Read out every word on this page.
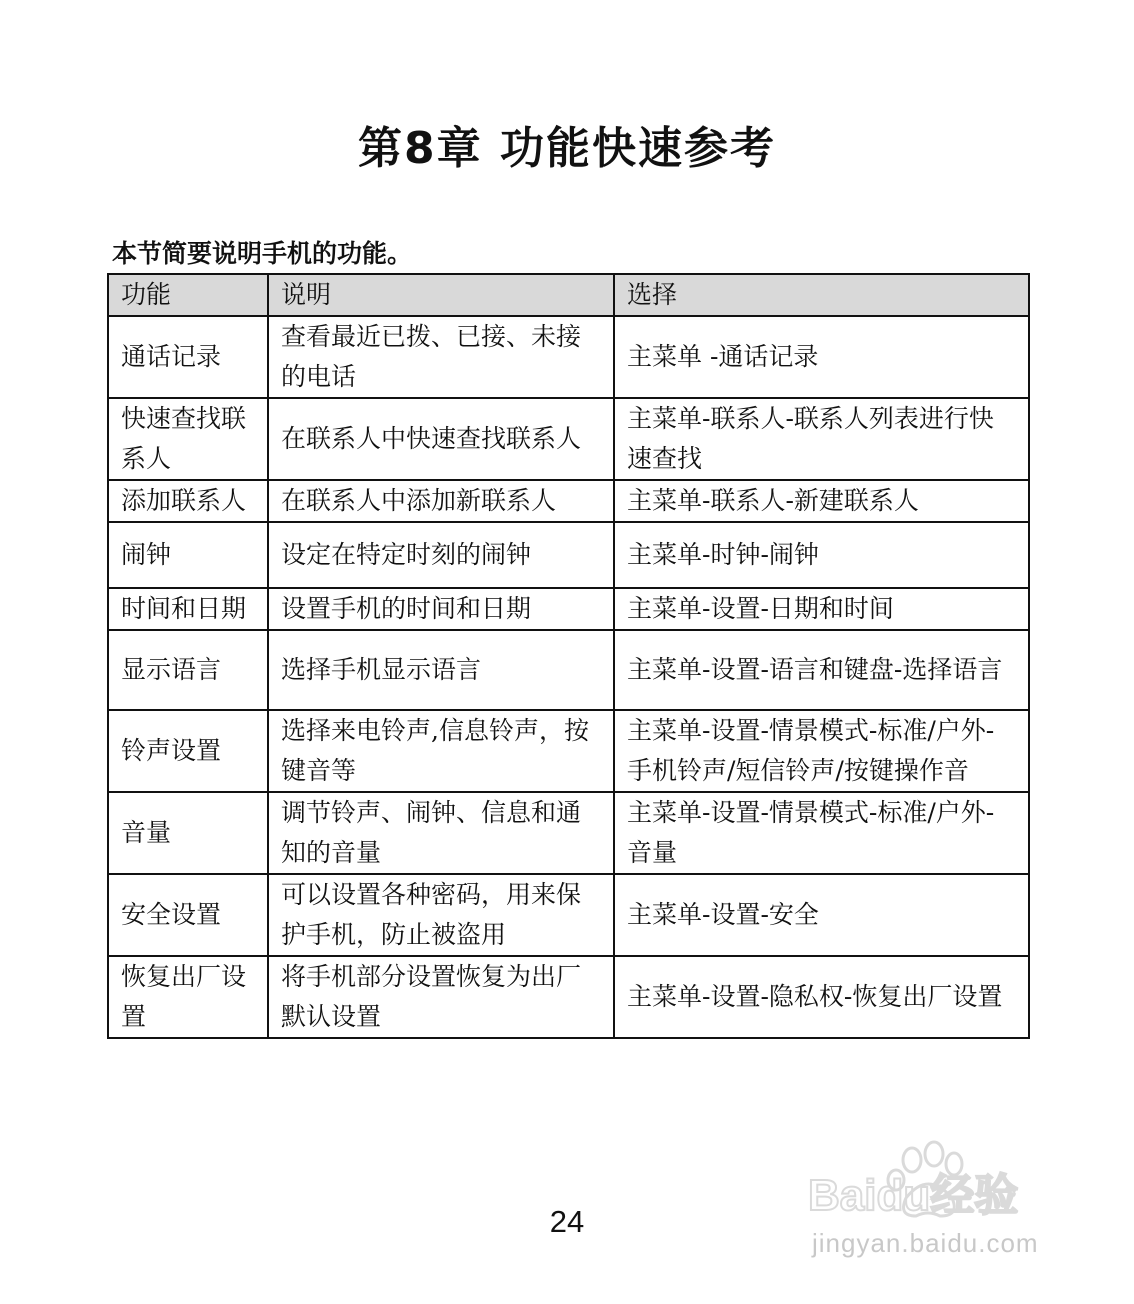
第8章 功能快速参考
本节简要说明手机的功能。
功能	说明	选择
通话记录	查看最近已拨、已接、未接的电话	主菜单 -通话记录
快速查找联系人	在联系人中快速查找联系人	主菜单-联系人-联系人列表进行快速查找
添加联系人	在联系人中添加新联系人	主菜单-联系人-新建联系人
闹钟	设定在特定时刻的闹钟	主菜单-时钟-闹钟
时间和日期	设置手机的时间和日期	主菜单-设置-日期和时间
显示语言	选择手机显示语言	主菜单-设置-语言和键盘-选择语言
铃声设置	选择来电铃声,信息铃声，按键音等	主菜单-设置-情景模式-标准/户外-手机铃声/短信铃声/按键操作音
音量	调节铃声、闹钟、信息和通知的音量	主菜单-设置-情景模式-标准/户外-音量
安全设置	可以设置各种密码，用来保护手机，防止被盗用	主菜单-设置-安全
恢复出厂设置	将手机部分设置恢复为出厂默认设置	主菜单-设置-隐私权-恢复出厂设置
Baidu经验
jingyan.baidu.com
24
